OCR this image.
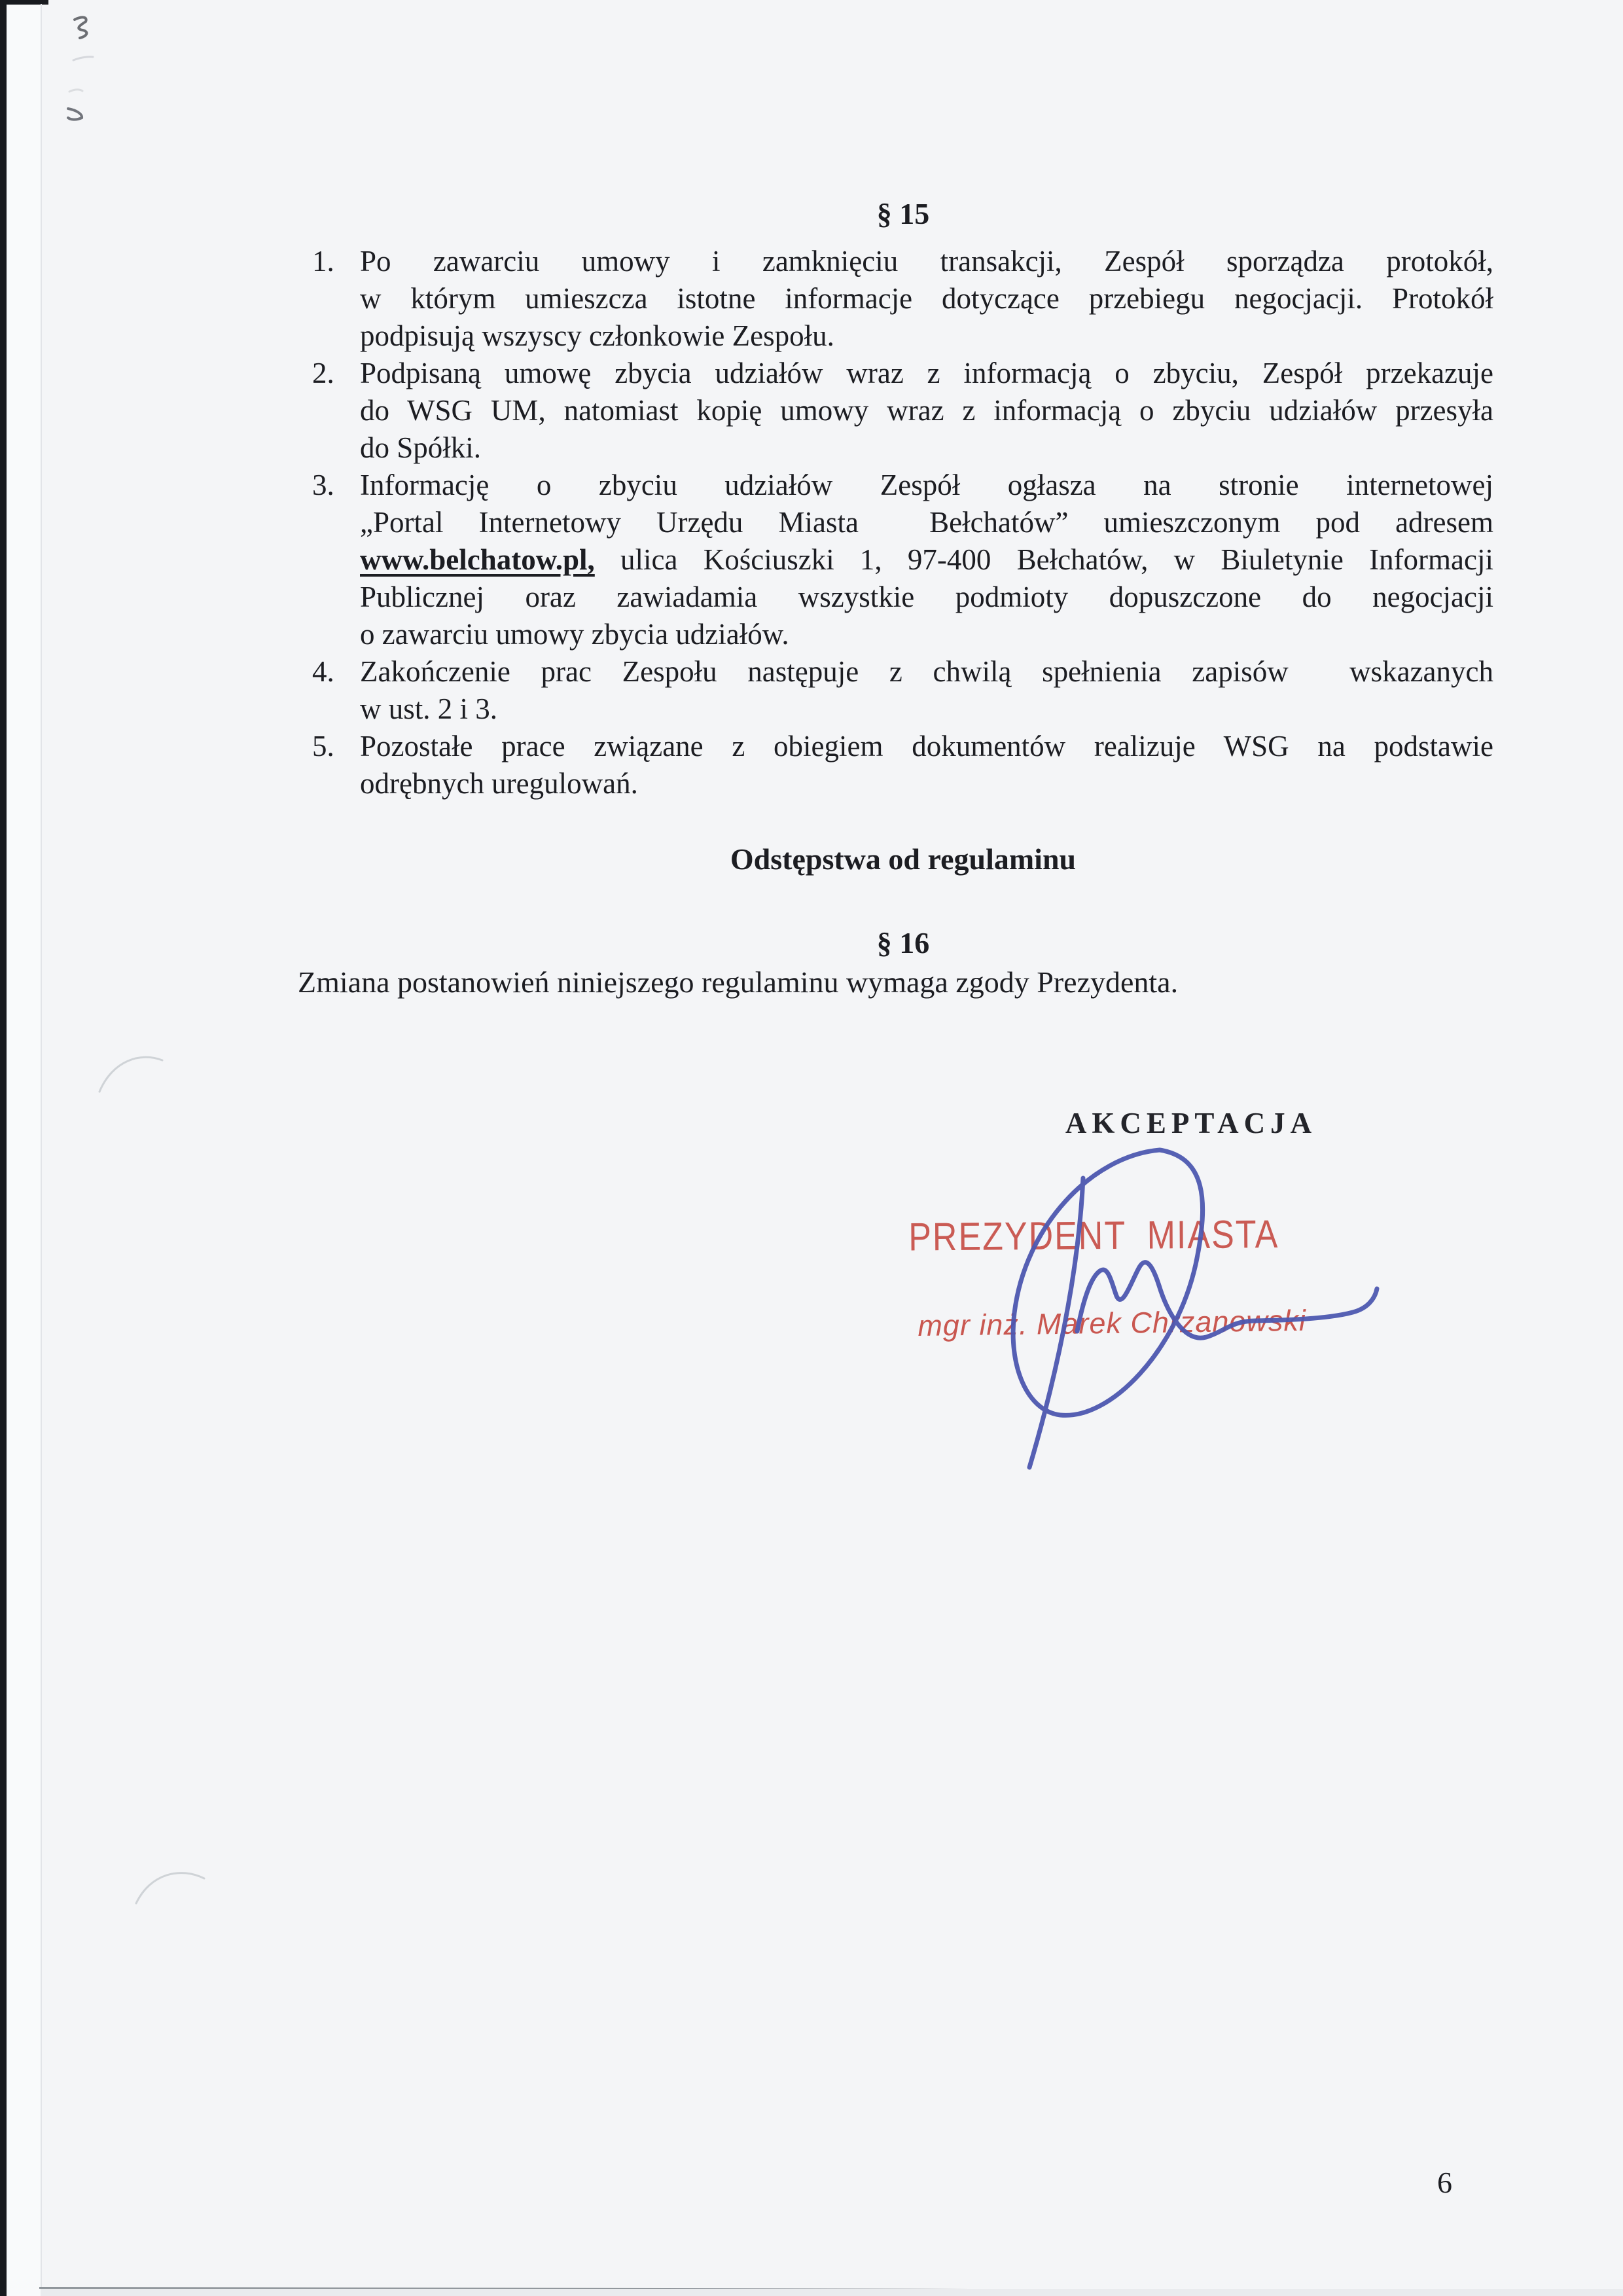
§ 15
1. Po zawarciu umowy i zamknięciu transakcji, Zespół sporządza protokół,
w którym umieszcza istotne informacje dotyczące przebiegu negocjacji. Protokół
podpisują wszyscy członkowie Zespołu.
2. Podpisaną umowę zbycia udziałów wraz z informacją o zbyciu, Zespół przekazuje
do WSG UM, natomiast kopię umowy wraz z informacją o zbyciu udziałów przesyła
do Spółki.
3. Informację o zbyciu udziałów Zespół ogłasza na stronie internetowej
„Portal Internetowy Urzędu Miasta  Bełchatów” umieszczonym pod adresem
www.belchatow.pl, ulica Kościuszki 1, 97-400 Bełchatów, w Biuletynie Informacji
Publicznej oraz zawiadamia wszystkie podmioty dopuszczone do negocjacji
o zawarciu umowy zbycia udziałów.
4. Zakończenie prac Zespołu następuje z chwilą spełnienia zapisów  wskazanych
w ust. 2 i 3.
5. Pozostałe prace związane z obiegiem dokumentów realizuje WSG na podstawie
odrębnych uregulowań.
Odstępstwa od regulaminu
§ 16
Zmiana postanowień niniejszego regulaminu wymaga zgody Prezydenta.
AKCEPTACJA
PREZYDENT MIASTA
mgr inż. Marek Chrzanowski
6
